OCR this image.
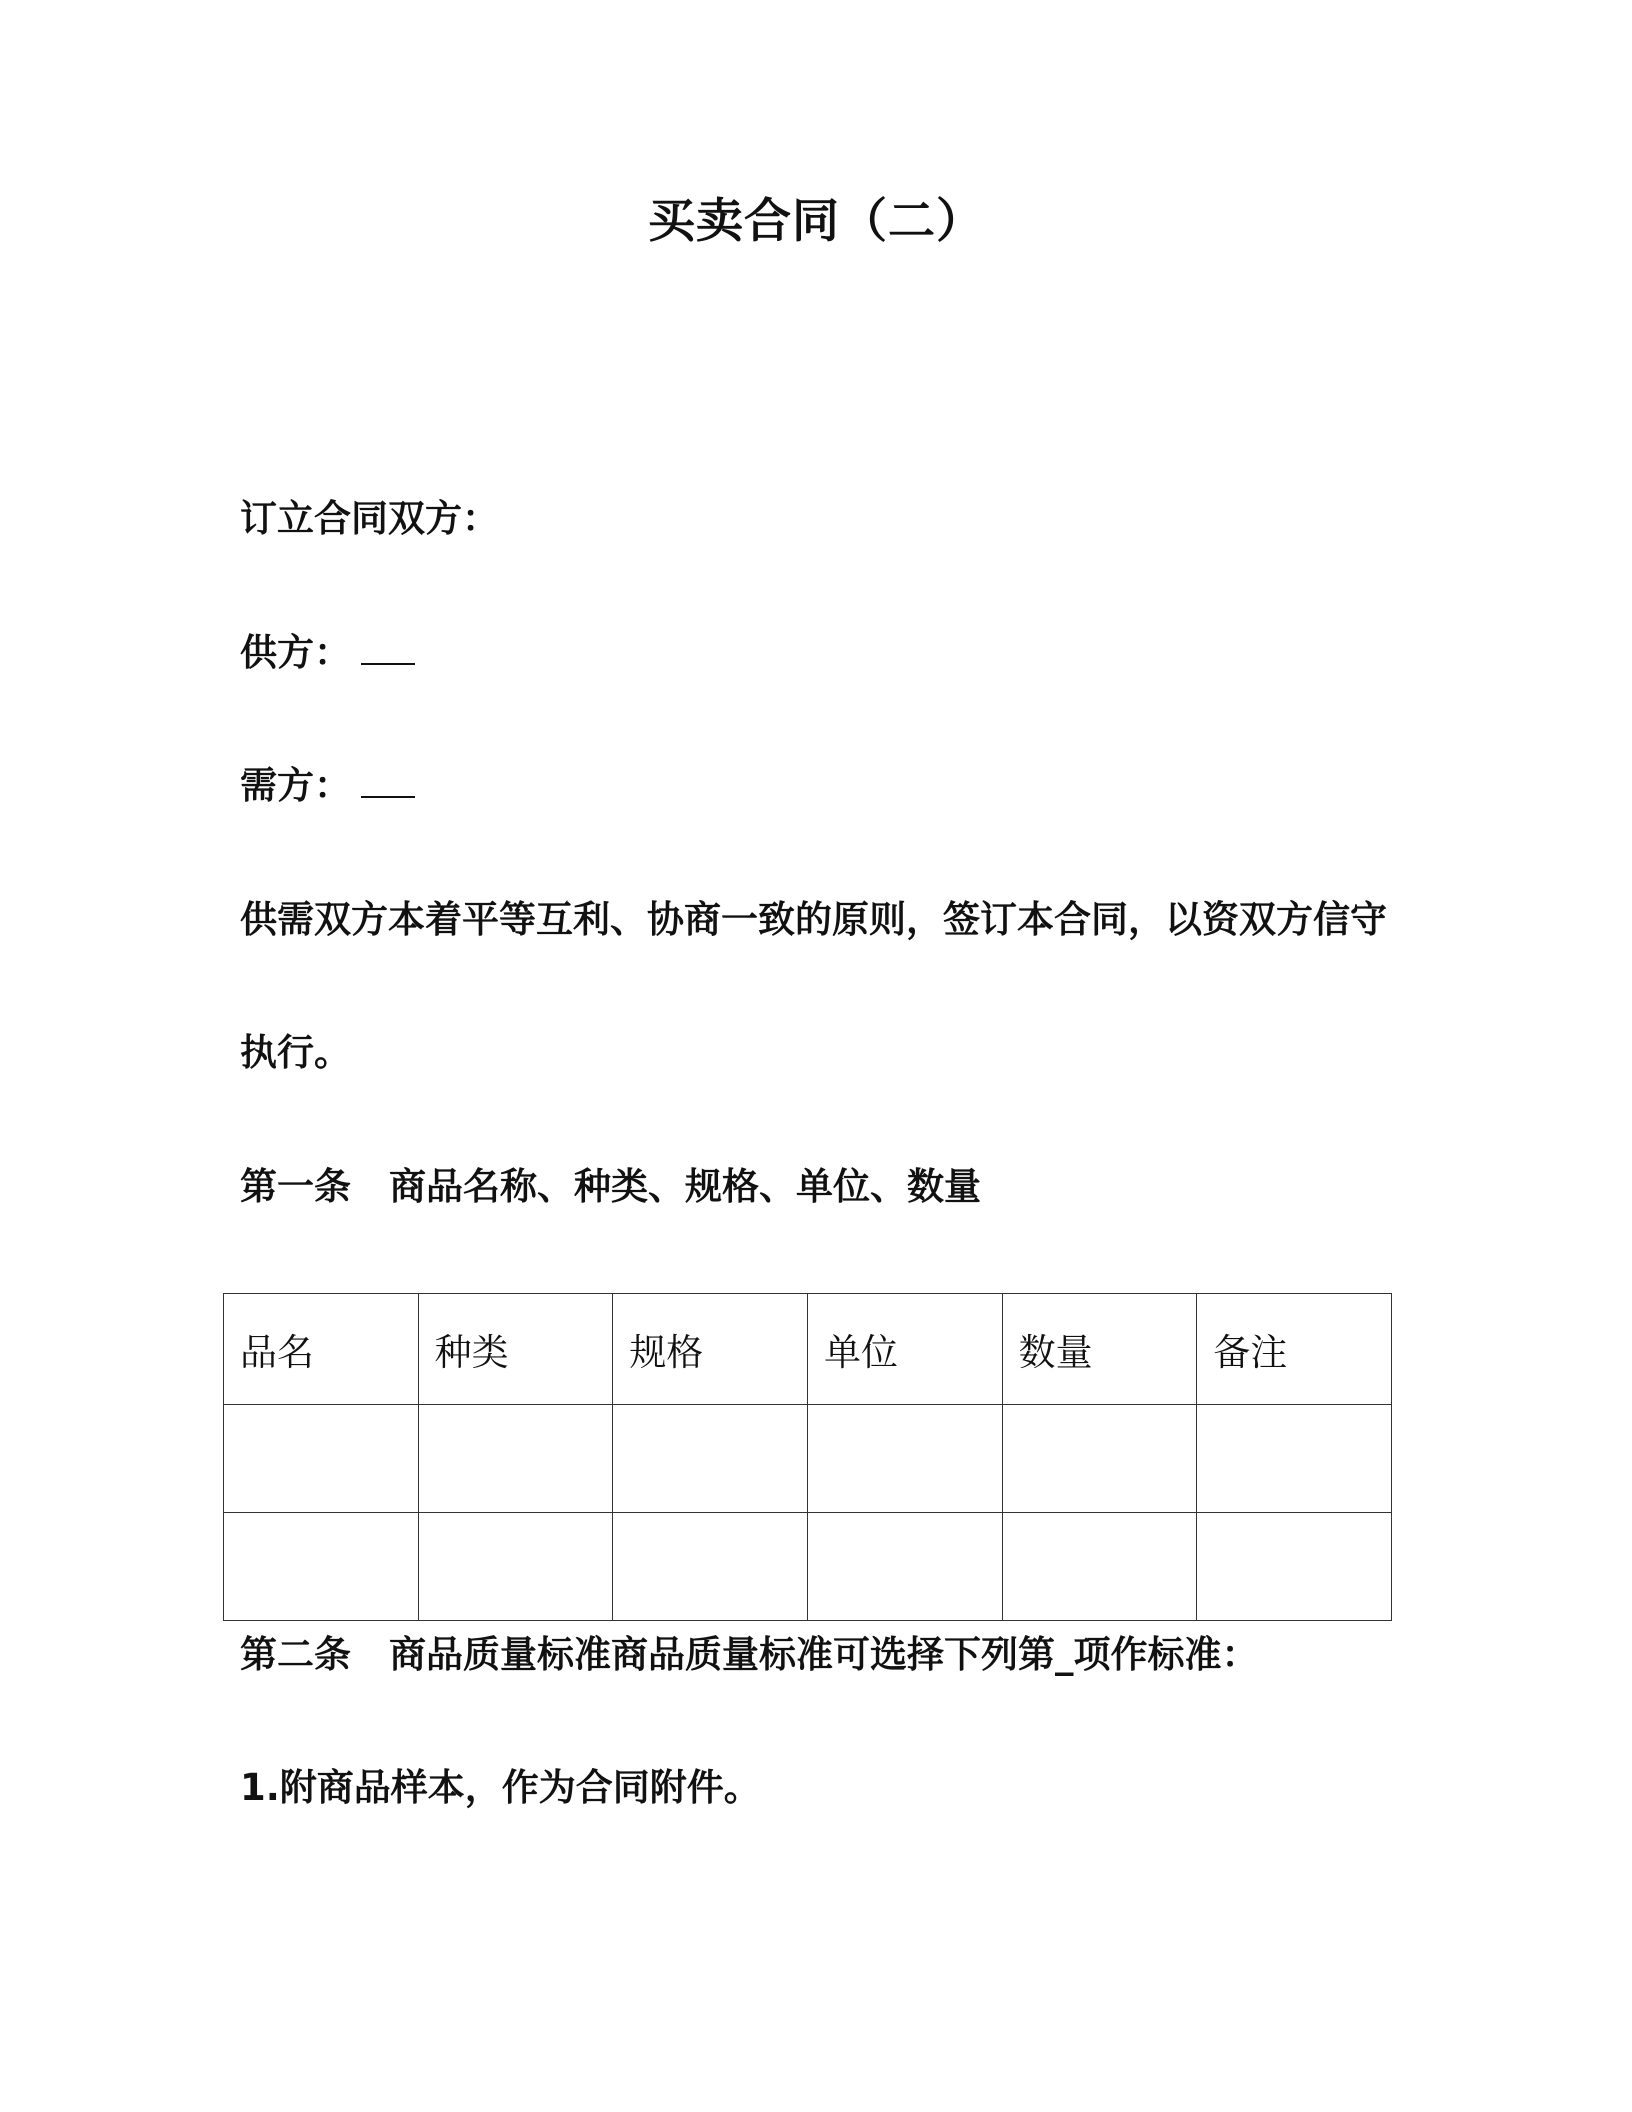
买卖合同（二）
订立合同双方：
供方：
需方：
供需双方本着平等互利、协商一致的原则，签订本合同，以资双方信守
执行。
第一条 商品名称、种类、规格、单位、数量
品名	种类	规格	单位	数量	备注

第二条 商品质量标准商品质量标准可选择下列第_项作标准：
1.附商品样本，作为合同附件。
